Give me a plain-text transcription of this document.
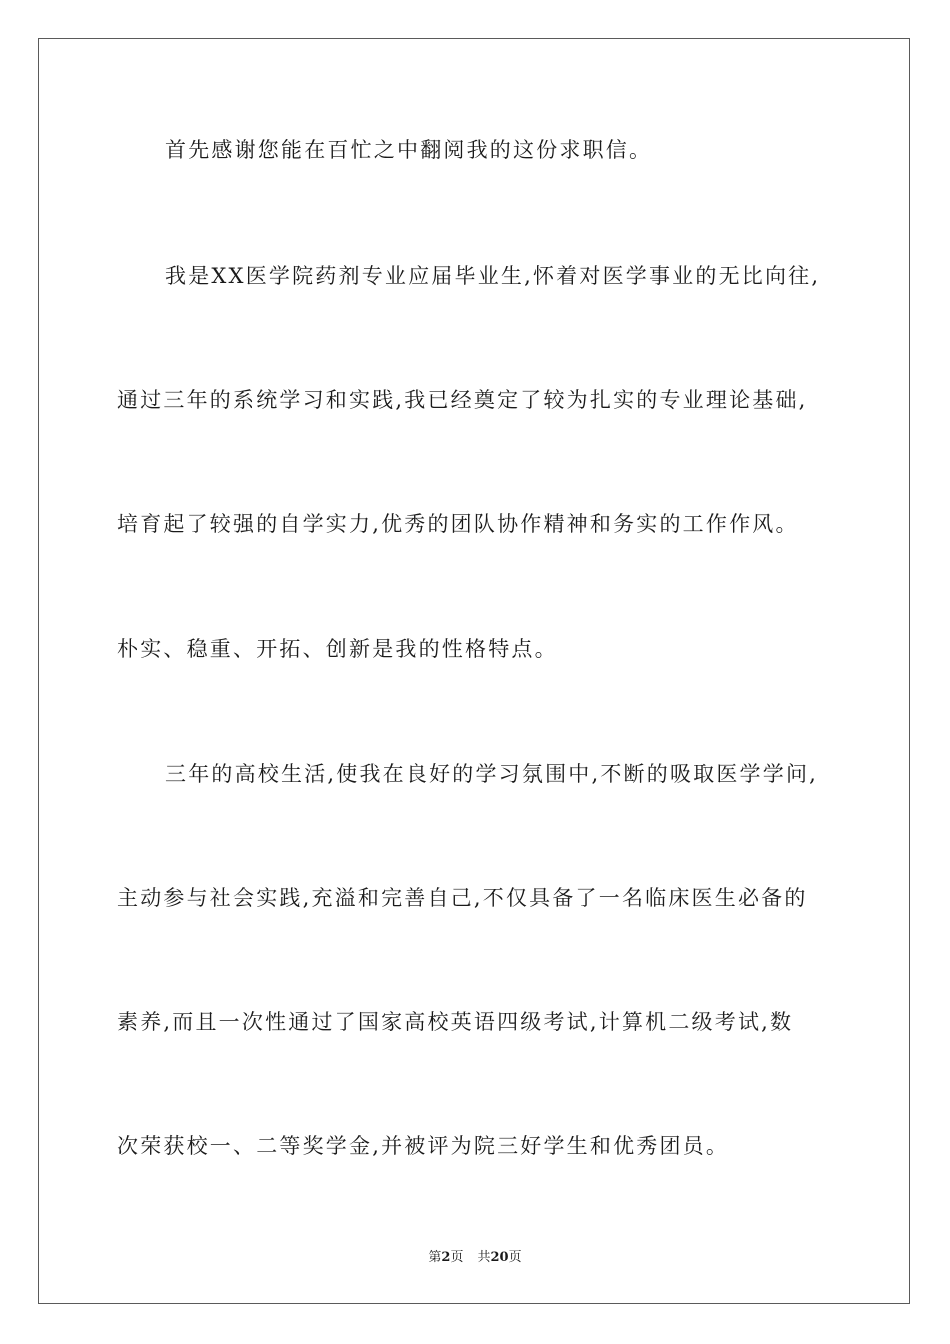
首先感谢您能在百忙之中翻阅我的这份求职信。
我是XX医学院药剂专业应届毕业生,怀着对医学事业的无比向往,
通过三年的系统学习和实践,我已经奠定了较为扎实的专业理论基础,
培育起了较强的自学实力,优秀的团队协作精神和务实的工作作风。
朴实、稳重、开拓、创新是我的性格特点。
三年的高校生活,使我在良好的学习氛围中,不断的吸取医学学问,
主动参与社会实践,充溢和完善自己,不仅具备了一名临床医生必备的
素养,而且一次性通过了国家高校英语四级考试,计算机二级考试,数
次荣获校一、二等奖学金,并被评为院三好学生和优秀团员。
第2页 共20页
